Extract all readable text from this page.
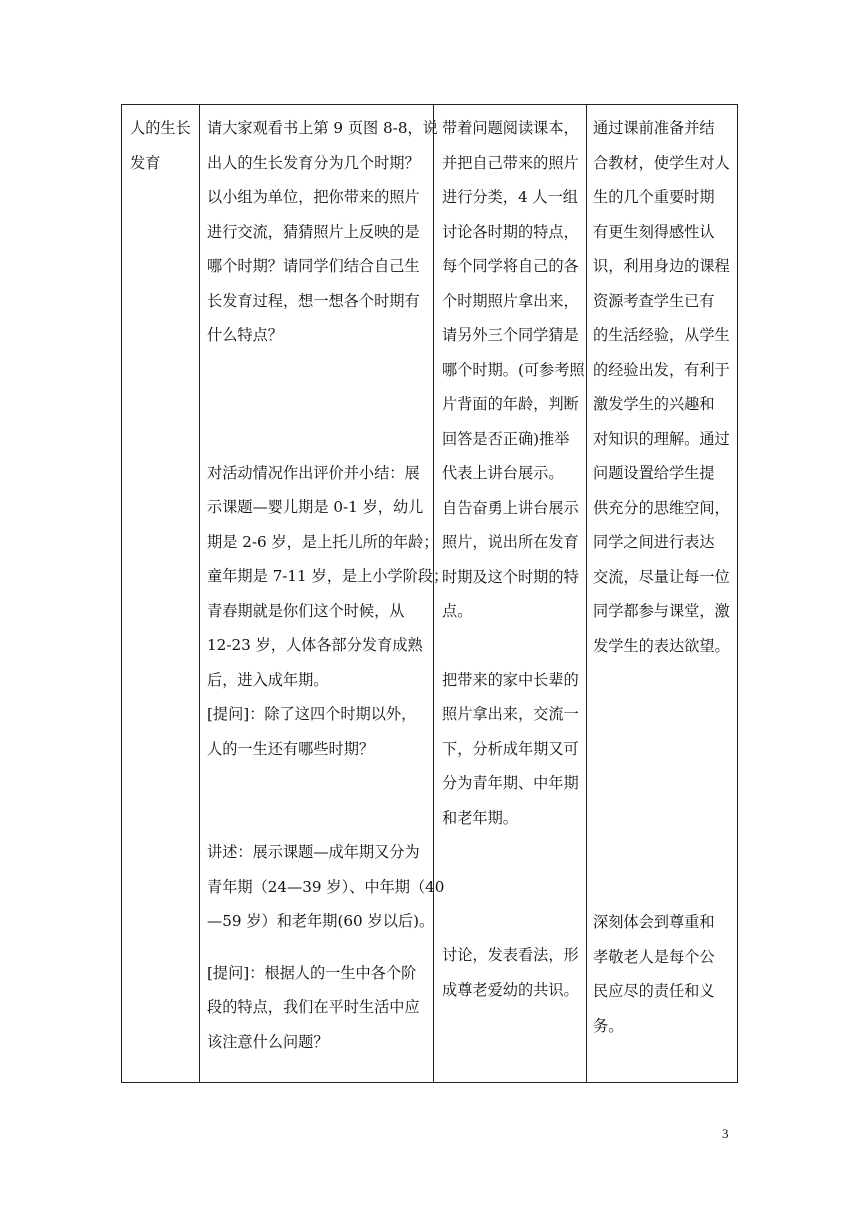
人的生长
发育

请大家观看书上第 9 页图 8-8，说
出人的生长发育分为几个时期？
以小组为单位，把你带来的照片
进行交流，猜猜照片上反映的是
哪个时期？请同学们结合自己生
长发育过程，想一想各个时期有
什么特点？

对活动情况作出评价并小结：展
示课题—婴儿期是 0-1 岁，幼儿
期是 2-6 岁，是上托儿所的年龄；
童年期是 7-11 岁，是上小学阶段；
青春期就是你们这个时候，从
12-23 岁，人体各部分发育成熟
后，进入成年期。
[提问]：除了这四个时期以外，
人的一生还有哪些时期？

讲述：展示课题—成年期又分为
青年期（24—39 岁）、中年期（40
—59 岁）和老年期(60 岁以后)。

[提问]：根据人的一生中各个阶
段的特点，我们在平时生活中应
该注意什么问题？

带着问题阅读课本，
并把自己带来的照片
进行分类，4 人一组
讨论各时期的特点，
每个同学将自己的各
个时期照片拿出来，
请另外三个同学猜是
哪个时期。(可参考照
片背面的年龄，判断
回答是否正确)推举
代表上讲台展示。

自告奋勇上讲台展示
照片，说出所在发育
时期及这个时期的特
点。

把带来的家中长辈的
照片拿出来，交流一
下，分析成年期又可
分为青年期、中年期
和老年期。

讨论，发表看法，形
成尊老爱幼的共识。

通过课前准备并结
合教材，使学生对人
生的几个重要时期
有更生刻得感性认
识，利用身边的课程
资源考查学生已有
的生活经验，从学生
的经验出发，有利于
激发学生的兴趣和
对知识的理解。通过
问题设置给学生提
供充分的思维空间，
同学之间进行表达
交流，尽量让每一位
同学都参与课堂，激
发学生的表达欲望。

深刻体会到尊重和
孝敬老人是每个公
民应尽的责任和义
务。

3
